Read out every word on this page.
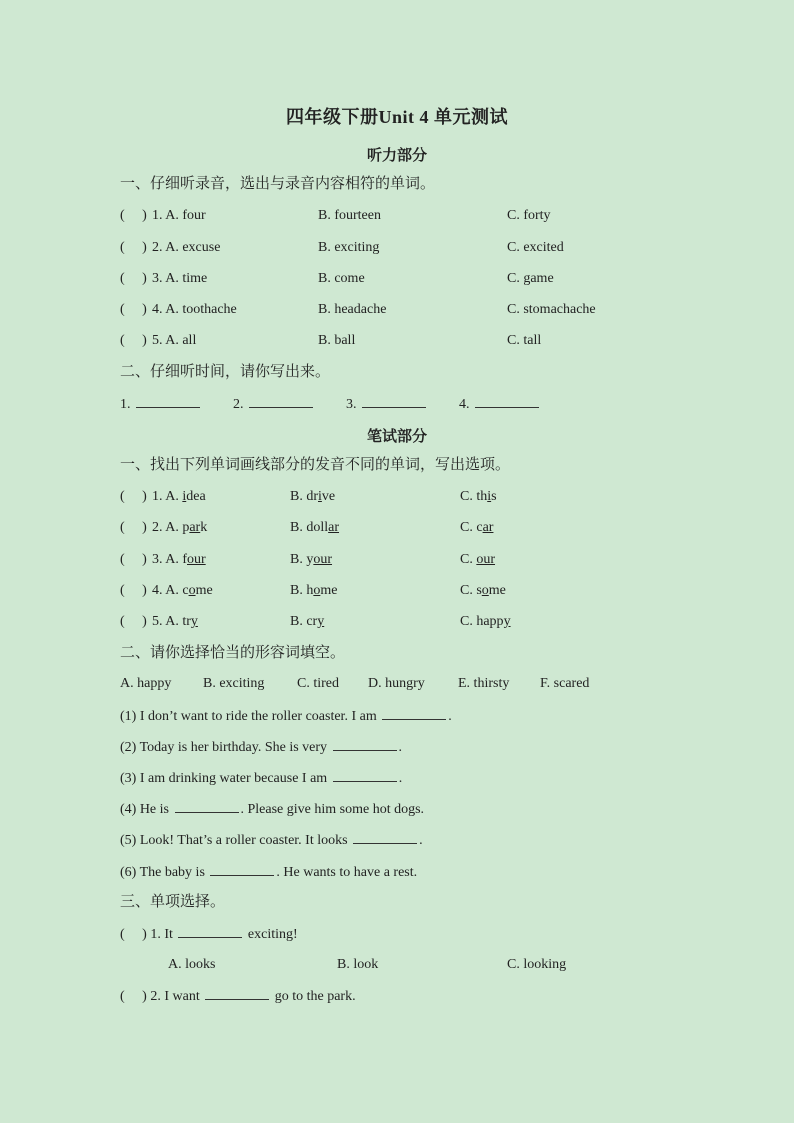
四年级下册Unit 4 单元测试
听力部分
一、仔细听录音，选出与录音内容相符的单词。
(     ) 1. A. four	B. fourteen	C. forty
(     ) 2. A. excuse	B. exciting	C. excited
(     ) 3. A. time	B. come	C. game
(     ) 4. A. toothache	B. headache	C. stomachache
(     ) 5. A. all	B. ball	C. tall
二、仔细听时间，请你写出来。
1.	2.	3.	4.
笔试部分
一、找出下列单词画线部分的发音不同的单词，写出选项。
(     ) 1. A. idea	B. drive	C. this
(     ) 2. A. park	B. dollar	C. car
(     ) 3. A. four	B. your	C. our
(     ) 4. A. come	B. home	C. some
(     ) 5. A. try	B. cry	C. happy
二、请你选择恰当的形容词填空。
A. happy B. exciting C. tired D. hungry E. thirsty F. scared
(1) I don’t want to ride the roller coaster. I am	.
(2) Today is her birthday. She is very	.
(3) I am drinking water because I am	.
(4) He is	. Please give him some hot dogs.
(5) Look! That’s a roller coaster. It looks	.
(6) The baby is	. He wants to have a rest.
三、单项选择。
(     ) 1. It	exciting!
A. looks	B. look	C. looking
(     ) 2. I want	go to the park.
